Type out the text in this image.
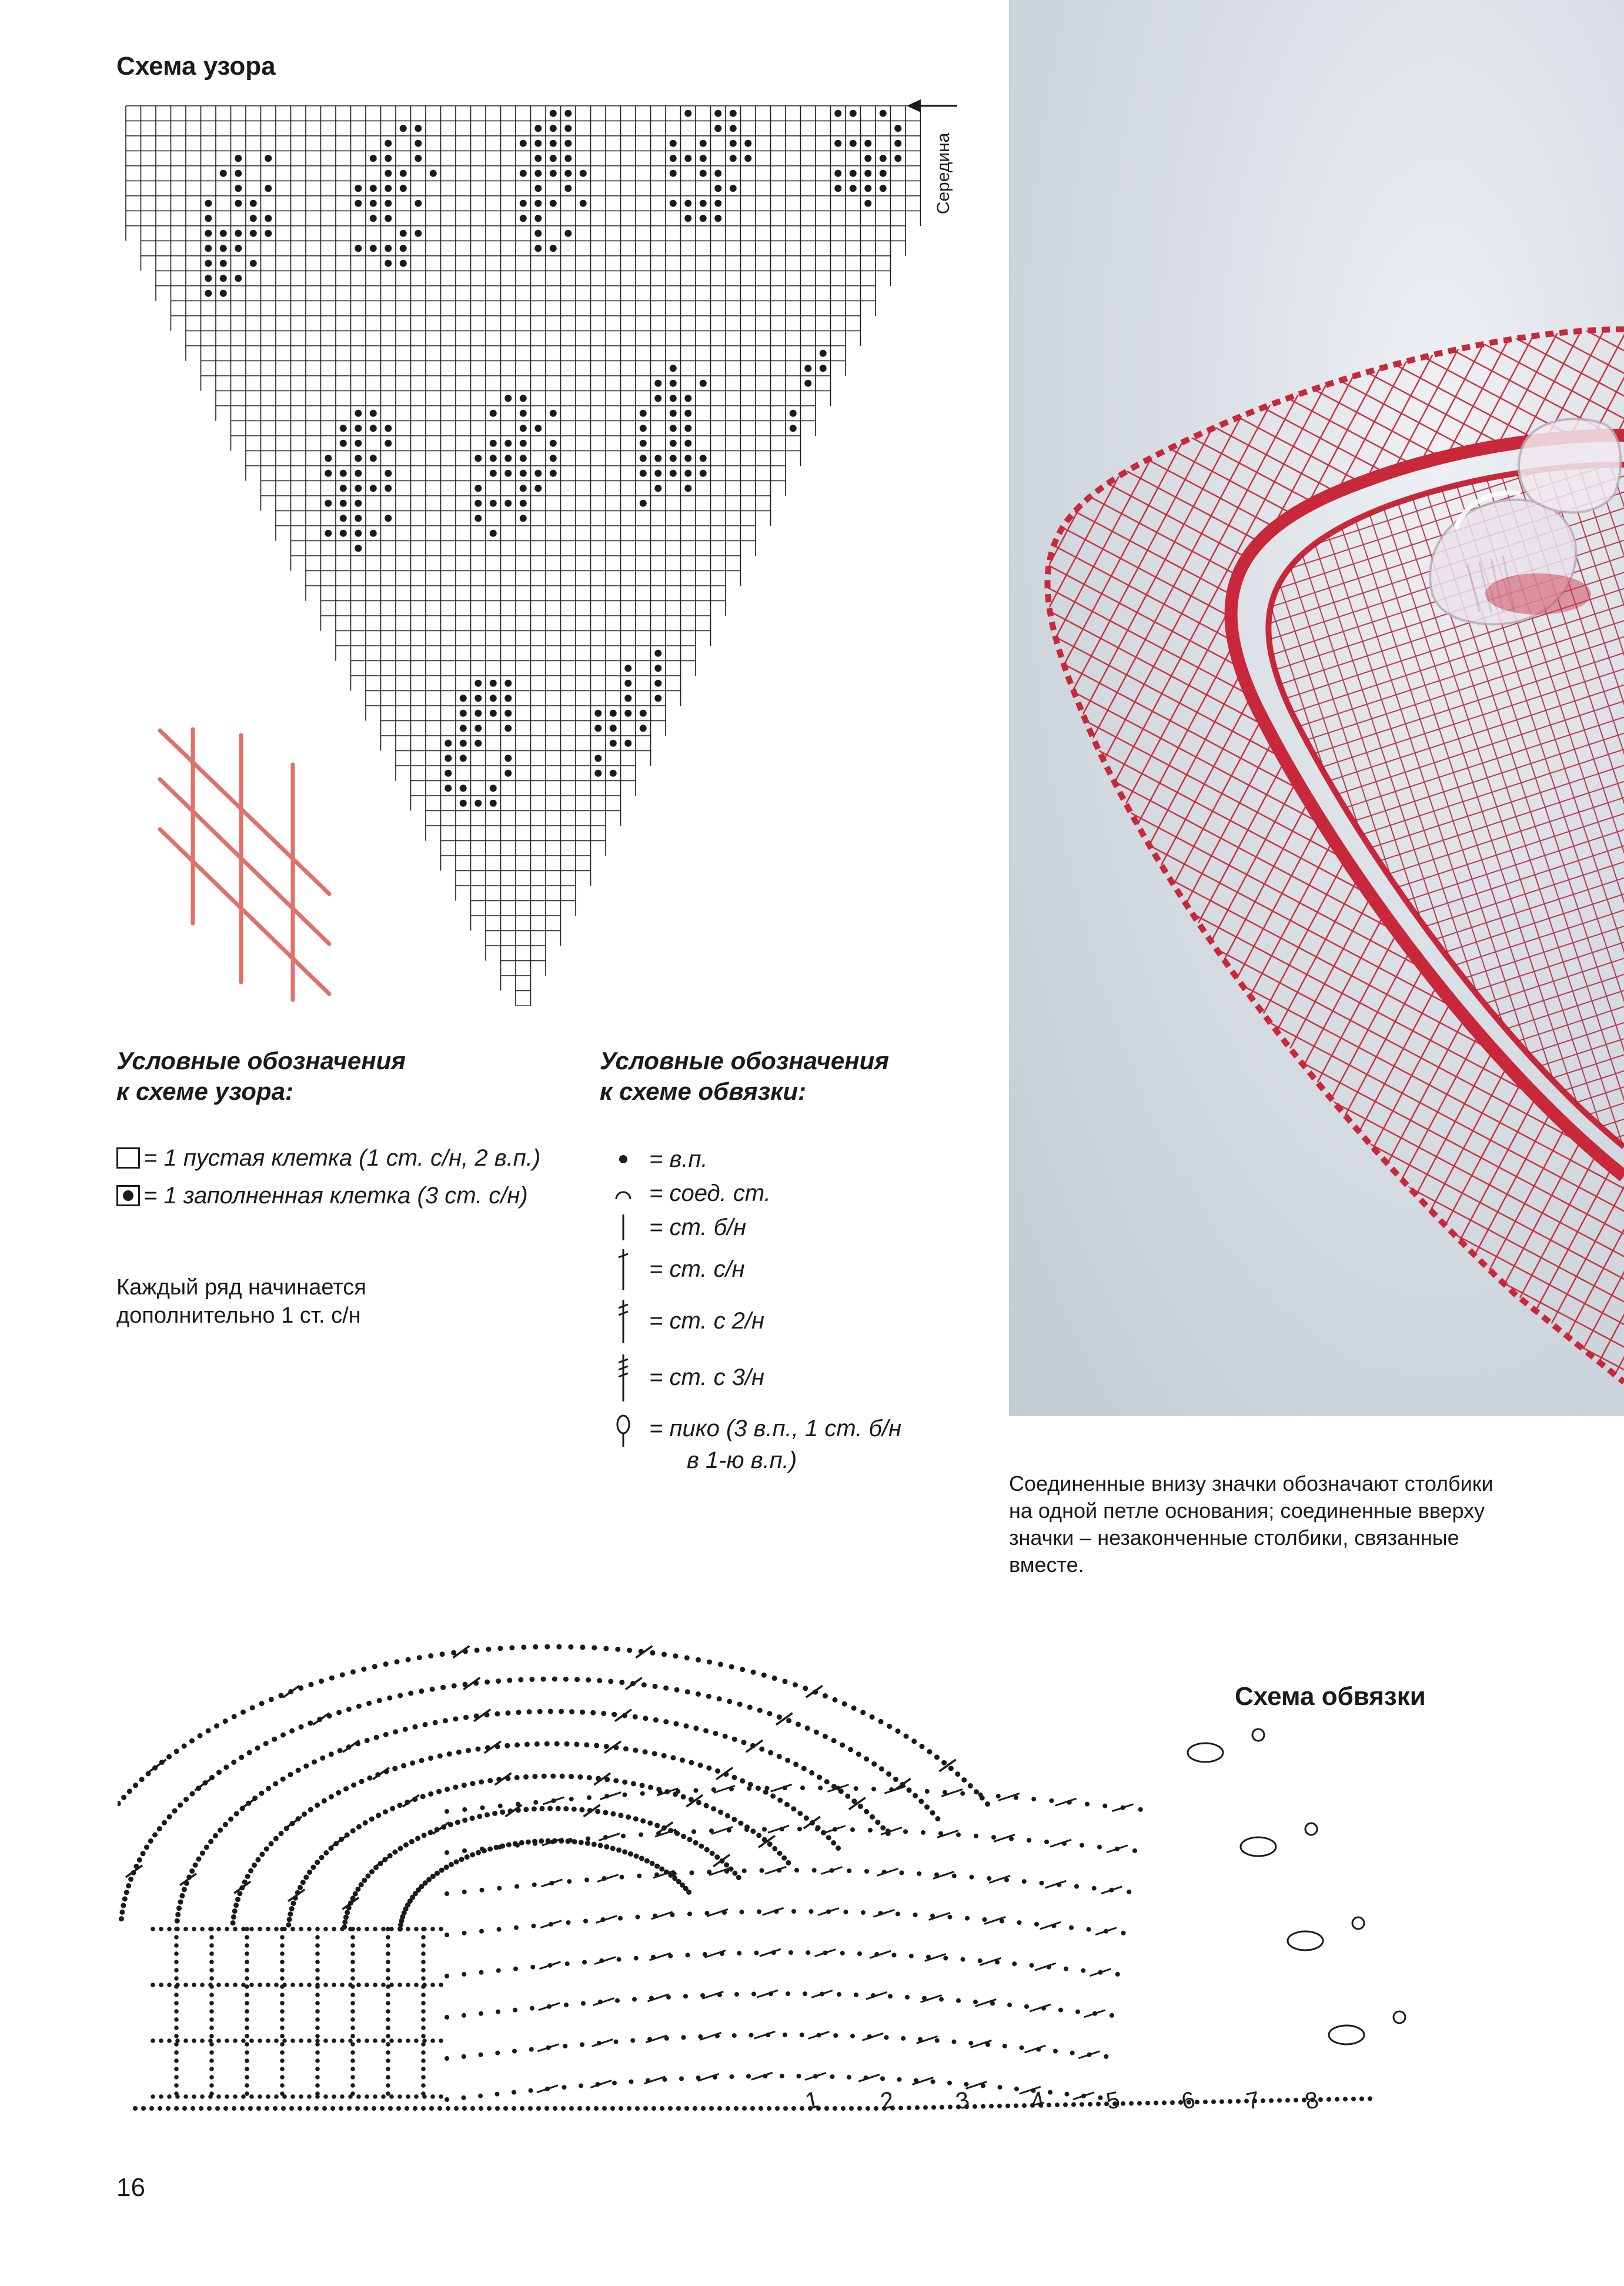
Схема узора
Середина
Условные обозначения
к схеме узора:
= 1 пустая клетка (1 ст. с/н, 2 в.п.)
= 1 заполненная клетка (3 ст. с/н)
Каждый ряд начинается
дополнительно 1 ст. с/н
Условные обозначения
к схеме обвязки:
= в.п.
= соед. ст.
= ст. б/н
= ст. с/н
= ст. с 2/н
= ст. с 3/н
= пико (3 в.п., 1 ст. б/н
в 1-ю в.п.)
Соединенные внизу значки обозначают столбики
на одной петле основания; соединенные вверху
значки – незаконченные столбики, связанные
вместе.
Схема обвязки
1 2 3 4 5 6 7 8
16
